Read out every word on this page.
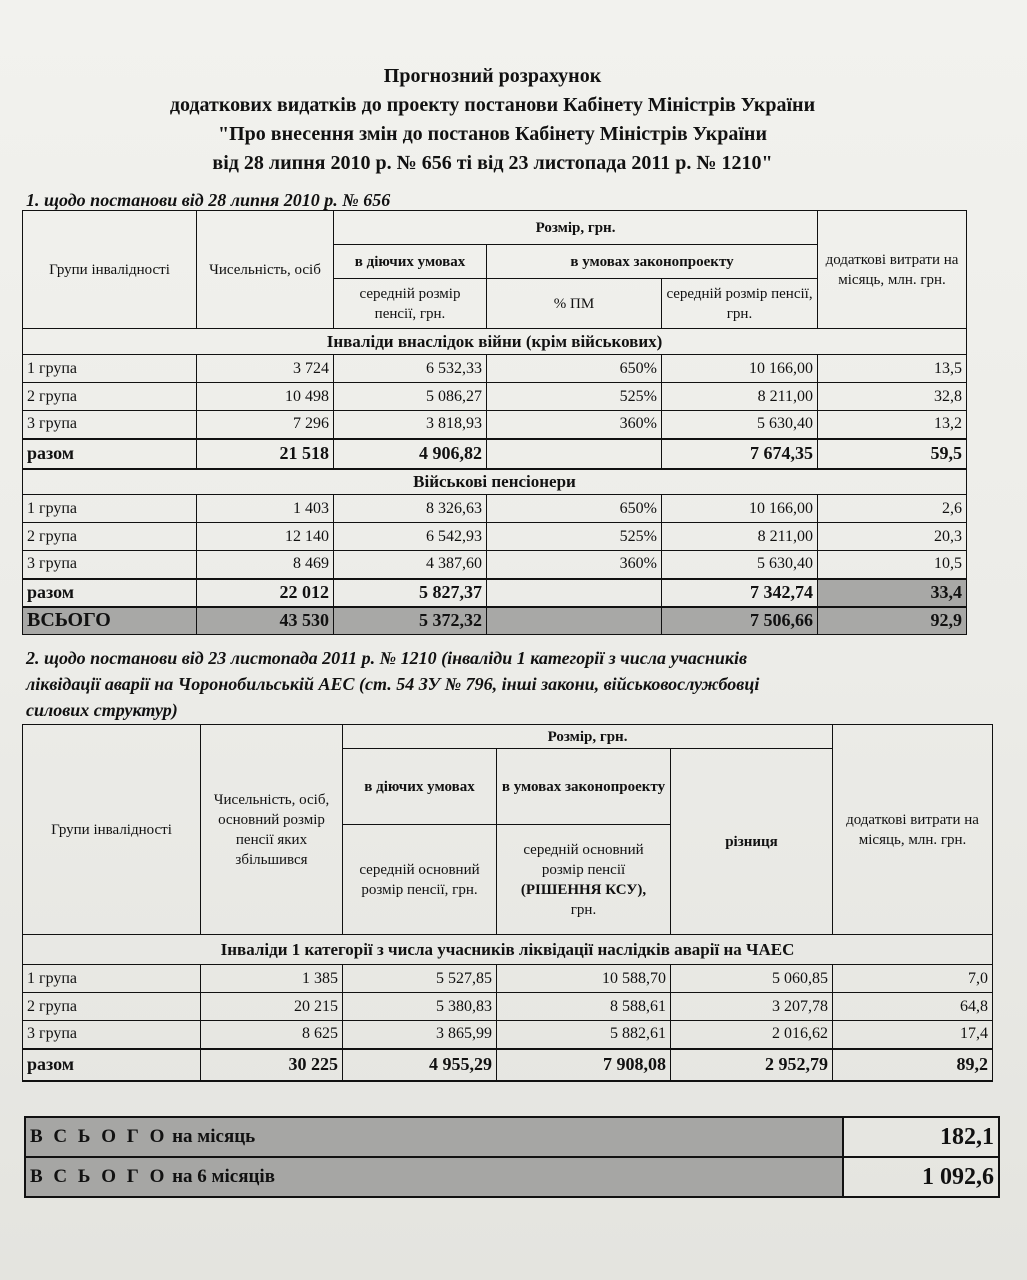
Прогнозний розрахунок
додаткових видатків до проекту постанови Кабінету Міністрів України
"Про внесення змін до постанов Кабінету Міністрів України
від 28 липня 2010 р. № 656 ті від 23 листопада 2011 р. № 1210"
1. щодо постанови від 28 липня 2010 р. № 656
Групи інвалідності	Чисельність, осіб	Розмір, грн.			додаткові витрати на місяць, млн. грн.
		в діючих умовах	в умовах законопроекту		
		середній розмір пенсії, грн.	% ПМ	середній розмір пенсії, грн.	
Інваліди внаслідок війни (крім військових)					
1 група	3 724	6 532,33	650%	10 166,00	13,5
2 група	10 498	5 086,27	525%	8 211,00	32,8
3 група	7 296	3 818,93	360%	5 630,40	13,2
разом	21 518	4 906,82		7 674,35	59,5
Військові пенсіонери					
1 група	1 403	8 326,63	650%	10 166,00	2,6
2 група	12 140	6 542,93	525%	8 211,00	20,3
3 група	8 469	4 387,60	360%	5 630,40	10,5
разом	22 012	5 827,37		7 342,74	33,4
ВСЬОГО	43 530	5 372,32		7 506,66	92,9
2. щодо постанови від 23 листопада 2011 р. № 1210 (інваліди 1 категорії з числа учасників
ліквідації аварії на Чоронобильській АЕС (ст. 54 ЗУ № 796, інші закони, військовослужбовці
силових структур)
Групи інвалідності	Чисельність, осіб, основний розмір пенсії яких збільшився	Розмір, грн.			додаткові витрати на місяць, млн. грн.
		в діючих умовах	в умовах законопроекту	різниця	
		середній основний розмір пенсії, грн.	середній основний розмір пенсії
(РІШЕННЯ КСУ),
грн.		

Інваліди 1 категорії з числа учасників ліквідації наслідків аварії на ЧАЕС					
1 група	1 385	5 527,85	10 588,70	5 060,85	7,0
2 група	20 215	5 380,83	8 588,61	3 207,78	64,8
3 група	8 625	3 865,99	5 882,61	2 016,62	17,4
разом	30 225	4 955,29	7 908,08	2 952,79	89,2
В С Ь О Г О на місяць	182,1
В С Ь О Г О на 6 місяців	1 092,6
